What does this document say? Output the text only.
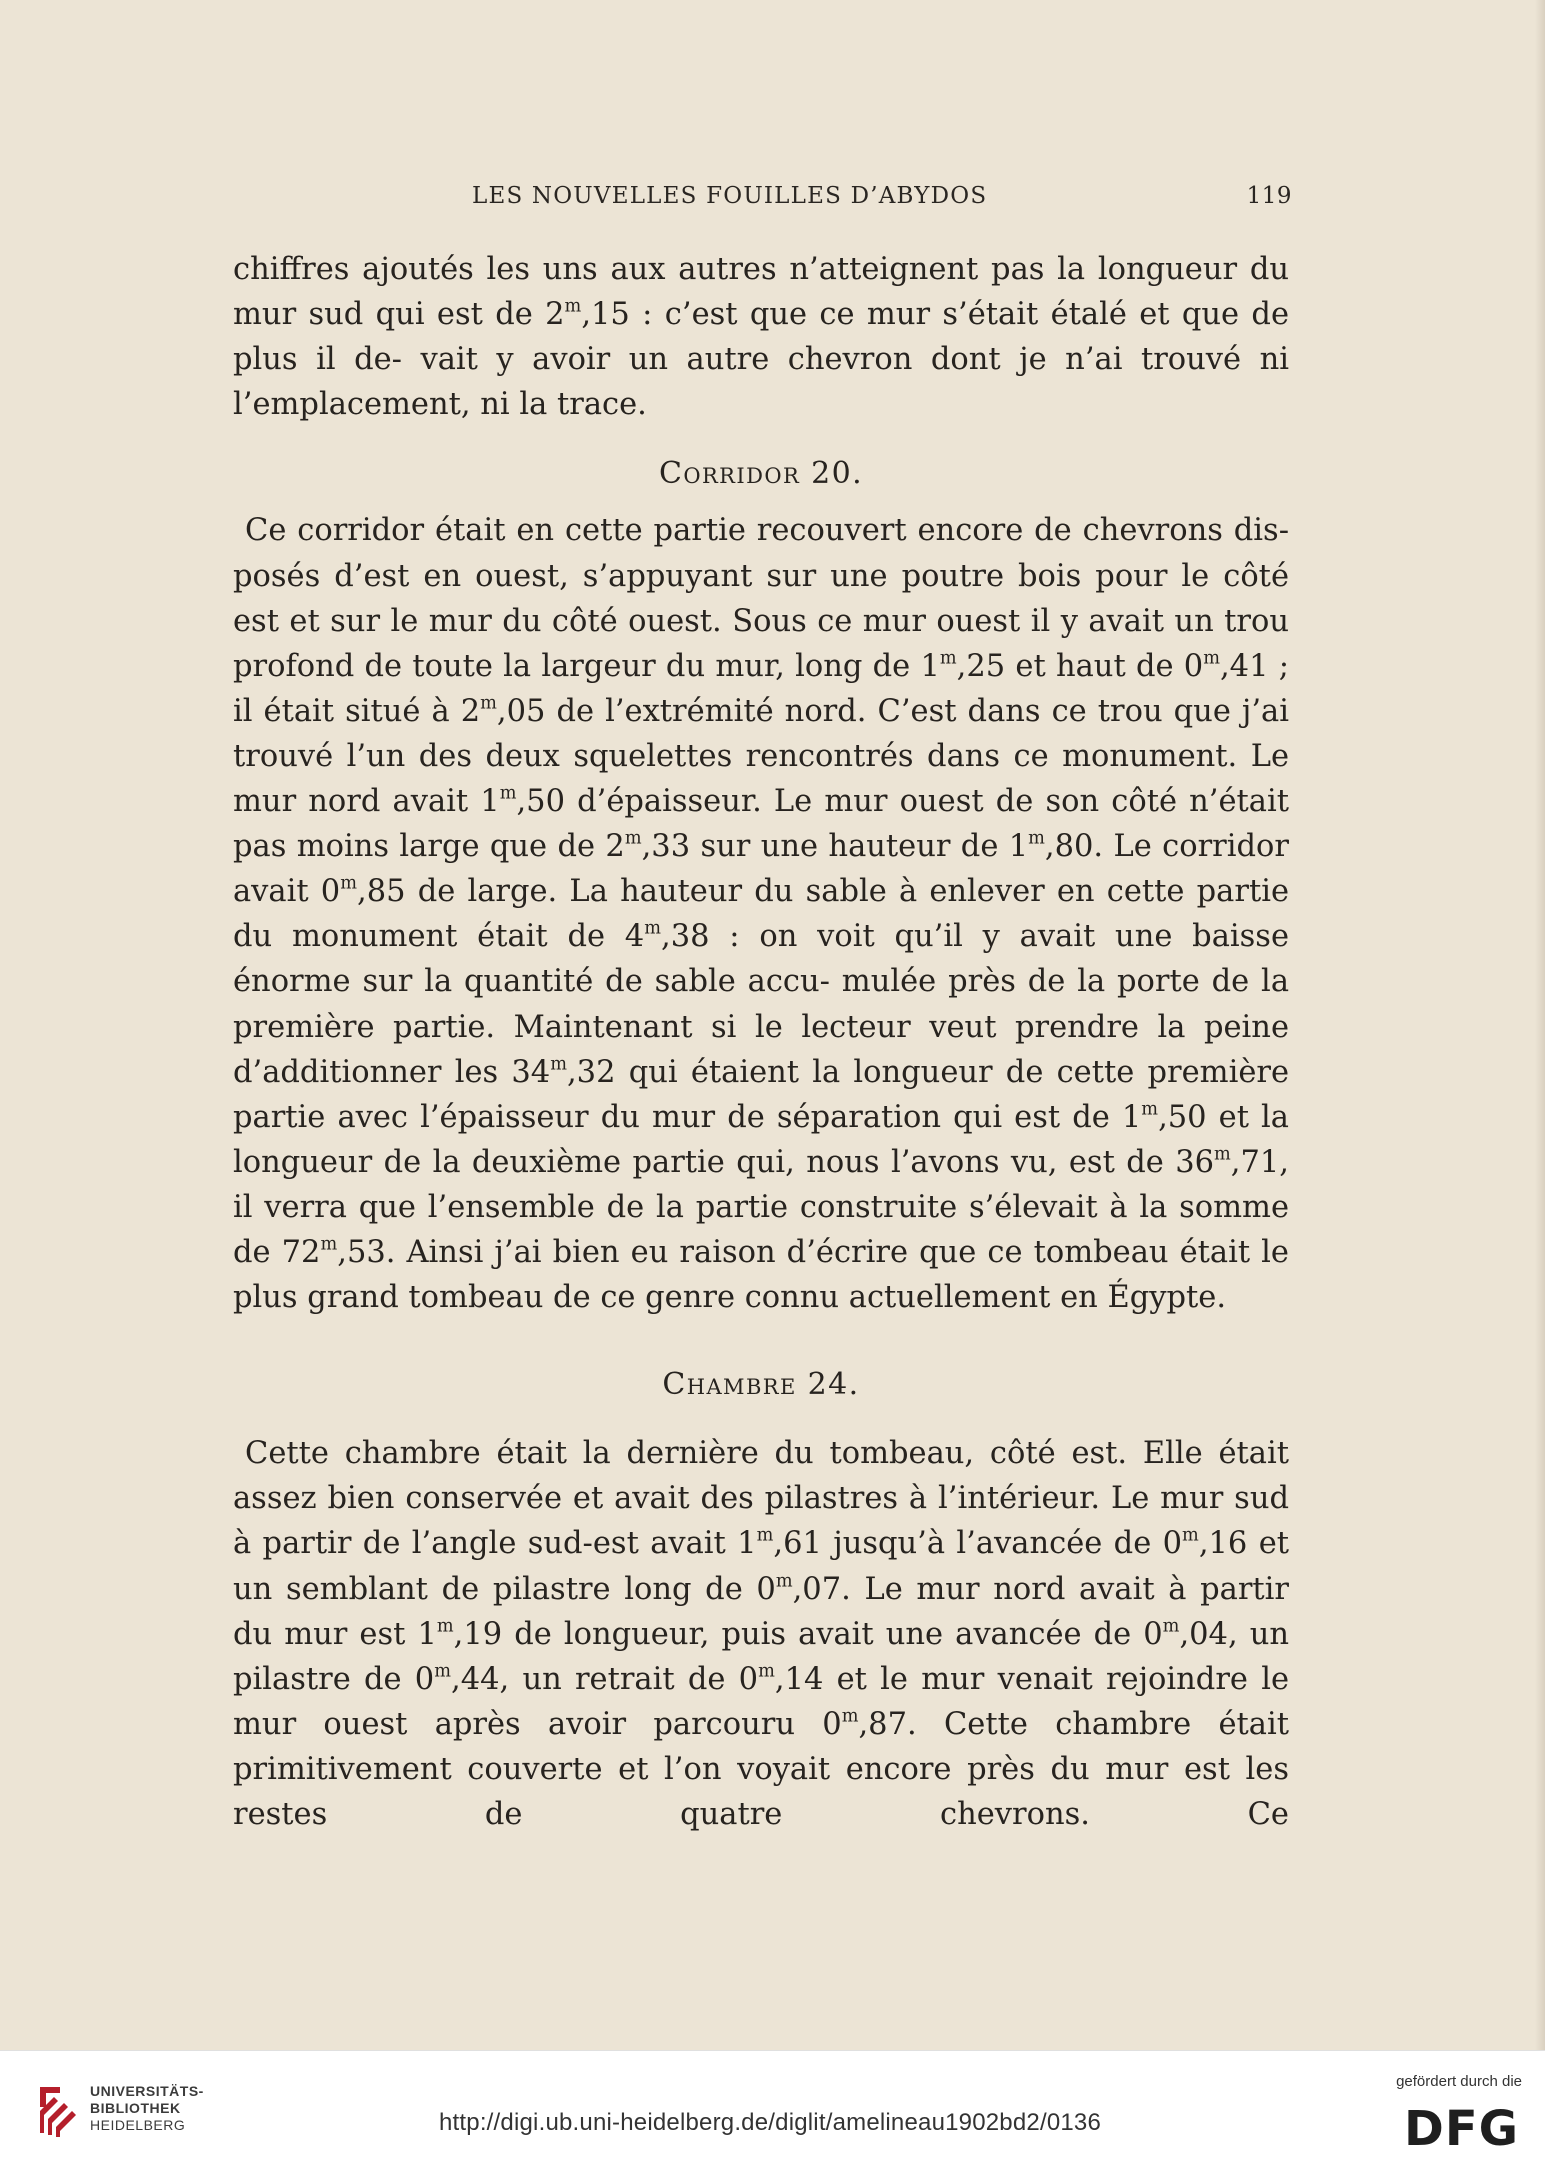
LES NOUVELLES FOUILLES D’ABYDOS	119

chiffres ajoutés les uns aux autres n’atteignent pas la longueur du mur sud qui est de 2$^m$,15 : c’est que ce mur s’était étalé et que de plus il de- vait y avoir un autre chevron dont je n’ai trouvé ni l’emplacement, ni la trace.

Corridor 20.

Ce corridor était en cette partie recouvert encore de chevrons dis- posés d’est en ouest, s’appuyant sur une poutre bois pour le côté est et sur le mur du côté ouest. Sous ce mur ouest il y avait un trou profond de toute la largeur du mur, long de 1$^m$,25 et haut de 0$^m$,41 ; il était situé à 2$^m$,05 de l’extrémité nord. C’est dans ce trou que j’ai trouvé l’un des deux squelettes rencontrés dans ce monument. Le mur nord avait 1$^m$,50 d’épaisseur. Le mur ouest de son côté n’était pas moins large que de 2$^m$,33 sur une hauteur de 1$^m$,80. Le corridor avait 0$^m$,85 de large. La hauteur du sable à enlever en cette partie du monument était de 4$^m$,38 : on voit qu’il y avait une baisse énorme sur la quantité de sable accu- mulée près de la porte de la première partie. Maintenant si le lecteur veut prendre la peine d’additionner les 34$^m$,32 qui étaient la longueur de cette première partie avec l’épaisseur du mur de séparation qui est de 1$^m$,50 et la longueur de la deuxième partie qui, nous l’avons vu, est de 36$^m$,71, il verra que l’ensemble de la partie construite s’élevait à la somme de 72$^m$,53. Ainsi j’ai bien eu raison d’écrire que ce tombeau était le plus grand tombeau de ce genre connu actuellement en Égypte.

Chambre 24.

Cette chambre était la dernière du tombeau, côté est. Elle était assez bien conservée et avait des pilastres à l’intérieur. Le mur sud à partir de l’angle sud-est avait 1$^m$,61 jusqu’à l’avancée de 0$^m$,16 et un semblant de pilastre long de 0$^m$,07. Le mur nord avait à partir du mur est 1$^m$,19 de longueur, puis avait une avancée de 0$^m$,04, un pilastre de 0$^m$,44, un retrait de 0$^m$,14 et le mur venait rejoindre le mur ouest après avoir parcouru 0$^m$,87. Cette chambre était primitivement couverte et l’on voyait encore près du mur est les restes de quatre chevrons. Ce

UNIVERSITÄTS-
BIBLIOTHEK
HEIDELBERG	http://digi.ub.uni-heidelberg.de/diglit/amelineau1902bd2/0136
gefördert durch die
DFG
